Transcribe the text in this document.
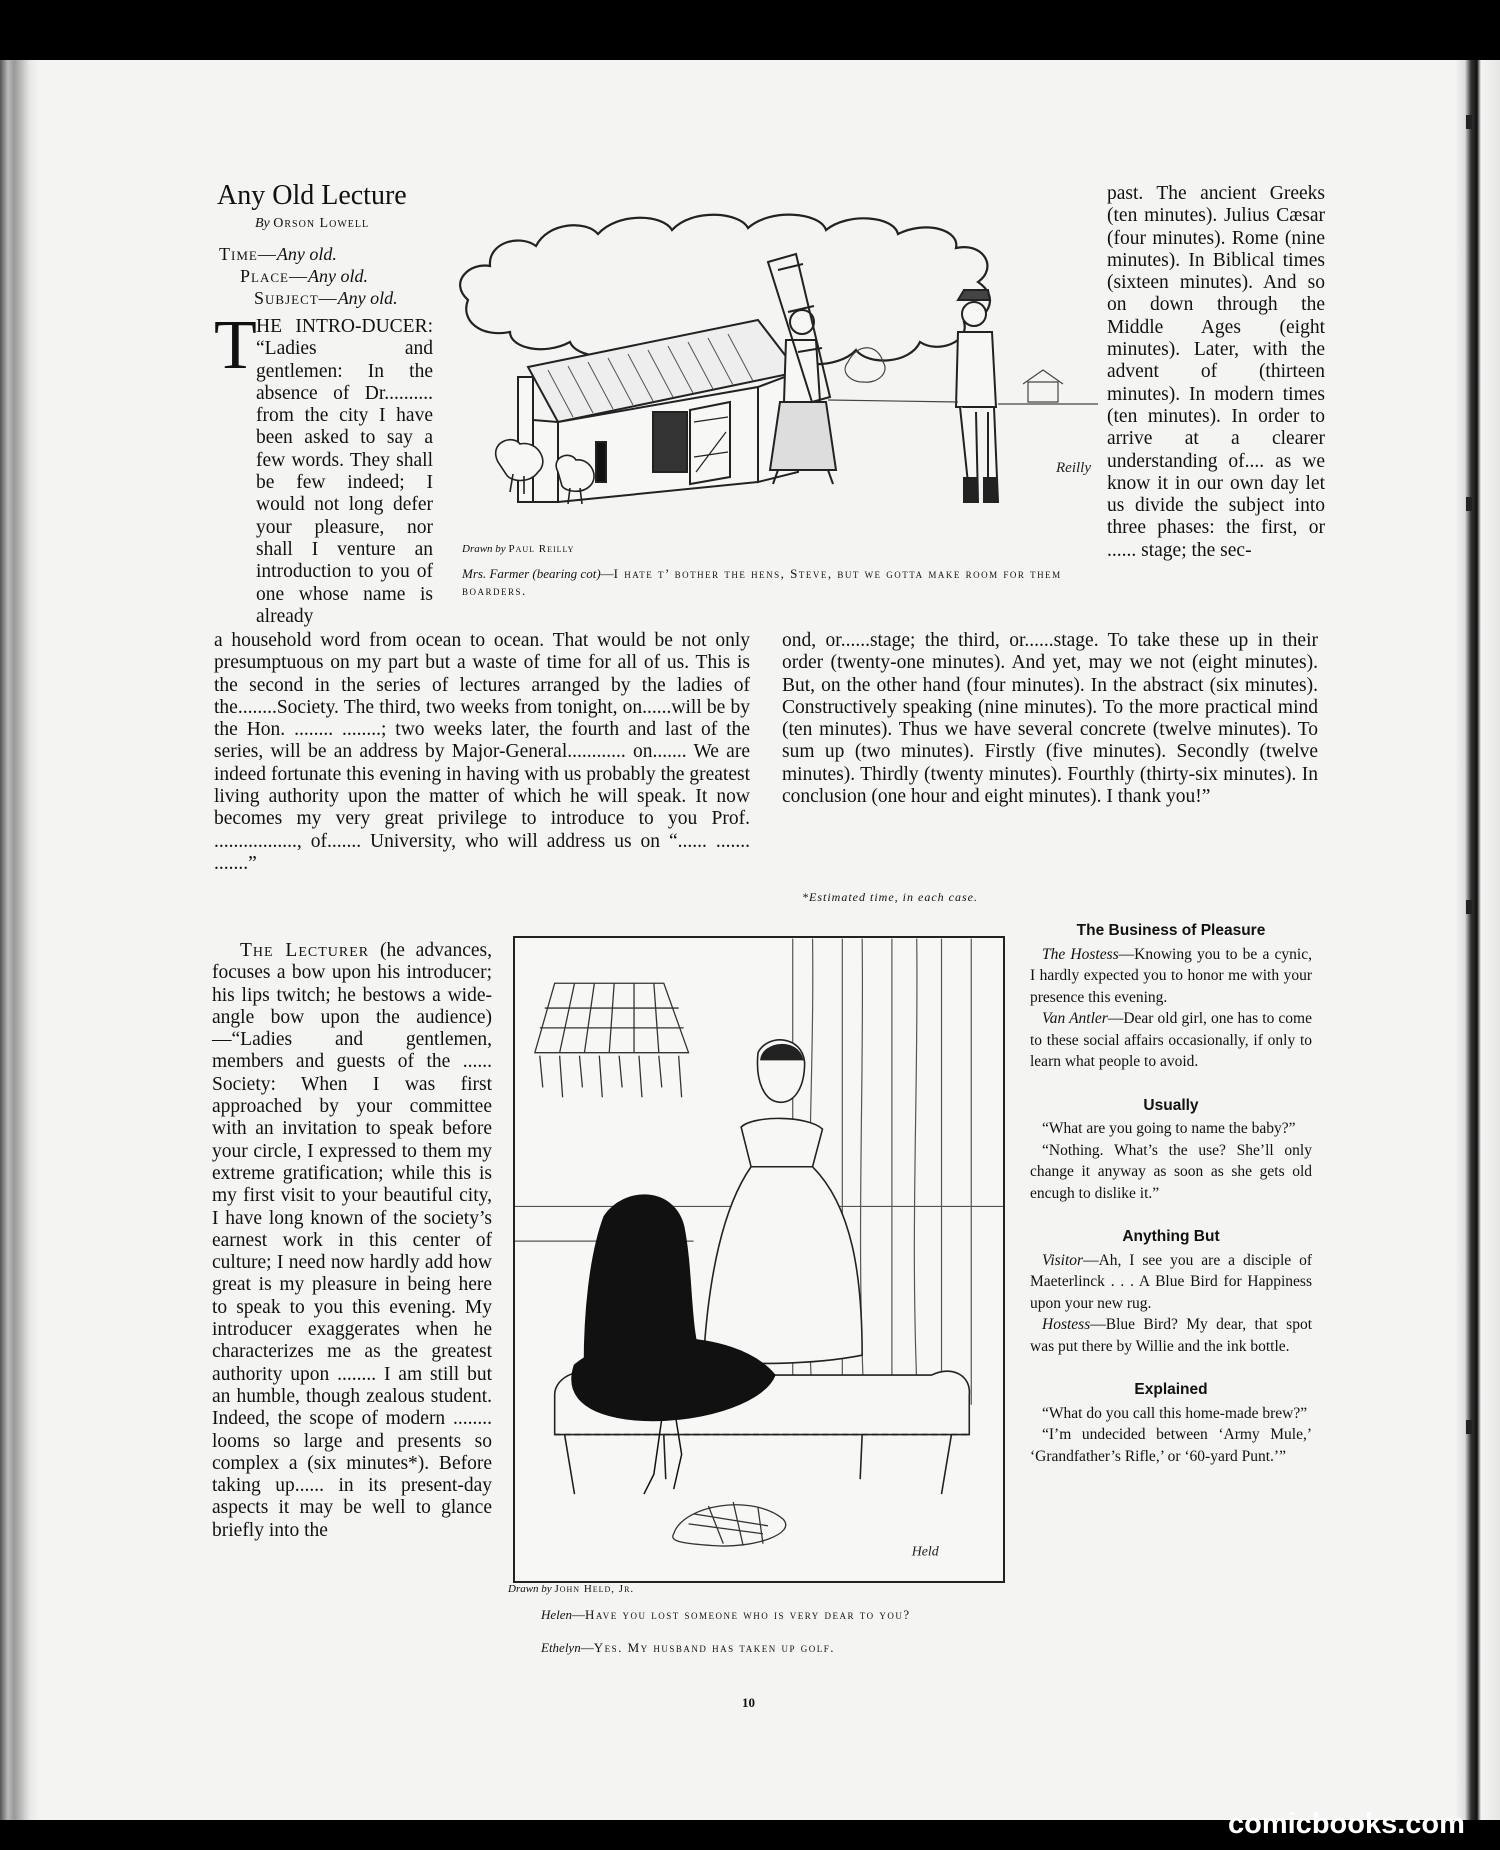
Any Old Lecture
By Orson Lowell
Time—Any old.
Place—Any old.
Subject—Any old.
T HE INTRO-DUCER: “Ladies and gentlemen: In the absence of Dr.......... from the city I have been asked to say a few words. They shall be few indeed; I would not long defer your pleasure, nor shall I venture an introduction to you of one whose name is already
a household word from ocean to ocean. That would be not only presumptuous on my part but a waste of time for all of us. This is the second in the series of lectures arranged by the ladies of the........Society. The third, two weeks from tonight, on......will be by the Hon. ........ ........; two weeks later, the fourth and last of the series, will be an address by Major-General............ on....... We are indeed fortunate this evening in having with us probably the greatest living authority upon the matter of which he will speak. It now becomes my very great privilege to introduce to you Prof. ................., of....... University, who will address us on “...... ....... .......”
past. The ancient Greeks (ten minutes). Julius Cæsar (four minutes). Rome (nine minutes). In Biblical times (sixteen minutes). And so on down through the Middle Ages (eight minutes). Later, with the advent of (thirteen minutes). In modern times (ten minutes). In order to arrive at a clearer understanding of.... as we know it in our own day let us divide the subject into three phases: the first, or ...... stage; the sec-
ond, or......stage; the third, or......stage. To take these up in their order (twenty-one minutes). And yet, may we not (eight minutes). But, on the other hand (four minutes). In the abstract (six minutes). Constructively speaking (nine minutes). To the more practical mind (ten minutes). Thus we have several concrete (twelve minutes). To sum up (two minutes). Firstly (five minutes). Secondly (twelve minutes). Thirdly (twenty minutes). Fourthly (thirty-six minutes). In conclusion (one hour and eight minutes). I thank you!”
*Estimated time, in each case.
Reilly
Drawn by Paul Reilly
Mrs. Farmer (bearing cot)—I hate t’ bother the hens, Steve, but we gotta make room for them boarders.
The Lecturer (he advances, focuses a bow upon his introducer; his lips twitch; he bestows a wide-angle bow upon the audience)—“Ladies and gentlemen, members and guests of the ...... Society: When I was first approached by your committee with an invitation to speak before your circle, I expressed to them my extreme gratification; while this is my first visit to your beautiful city, I have long known of the society’s earnest work in this center of culture; I need now hardly add how great is my pleasure in being here to speak to you this evening. My introducer exaggerates when he characterizes me as the greatest authority upon ........ I am still but an humble, though zealous student. Indeed, the scope of modern ........ looms so large and presents so complex a (six minutes*). Before taking up...... in its present-day aspects it may be well to glance briefly into the
Held
Drawn by John Held, Jr.
Helen—Have you lost someone who is very dear to you?
Ethelyn—Yes. My husband has taken up golf.
The Business of Pleasure

The Hostess—Knowing you to be a cynic, I hardly expected you to honor me with your presence this evening.

Van Antler—Dear old girl, one has to come to these social affairs occasionally, if only to learn what people to avoid.

Usually

“What are you going to name the baby?”

“Nothing. What’s the use? She’ll only change it anyway as soon as she gets old encugh to dislike it.”

Anything But

Visitor—Ah, I see you are a disciple of Maeterlinck . . . A Blue Bird for Happiness upon your new rug.

Hostess—Blue Bird? My dear, that spot was put there by Willie and the ink bottle.

Explained

“What do you call this home-made brew?”

“I’m undecided between ‘Army Mule,’ ‘Grandfather’s Rifle,’ or ‘60-yard Punt.’”

10
comicbooks.com
